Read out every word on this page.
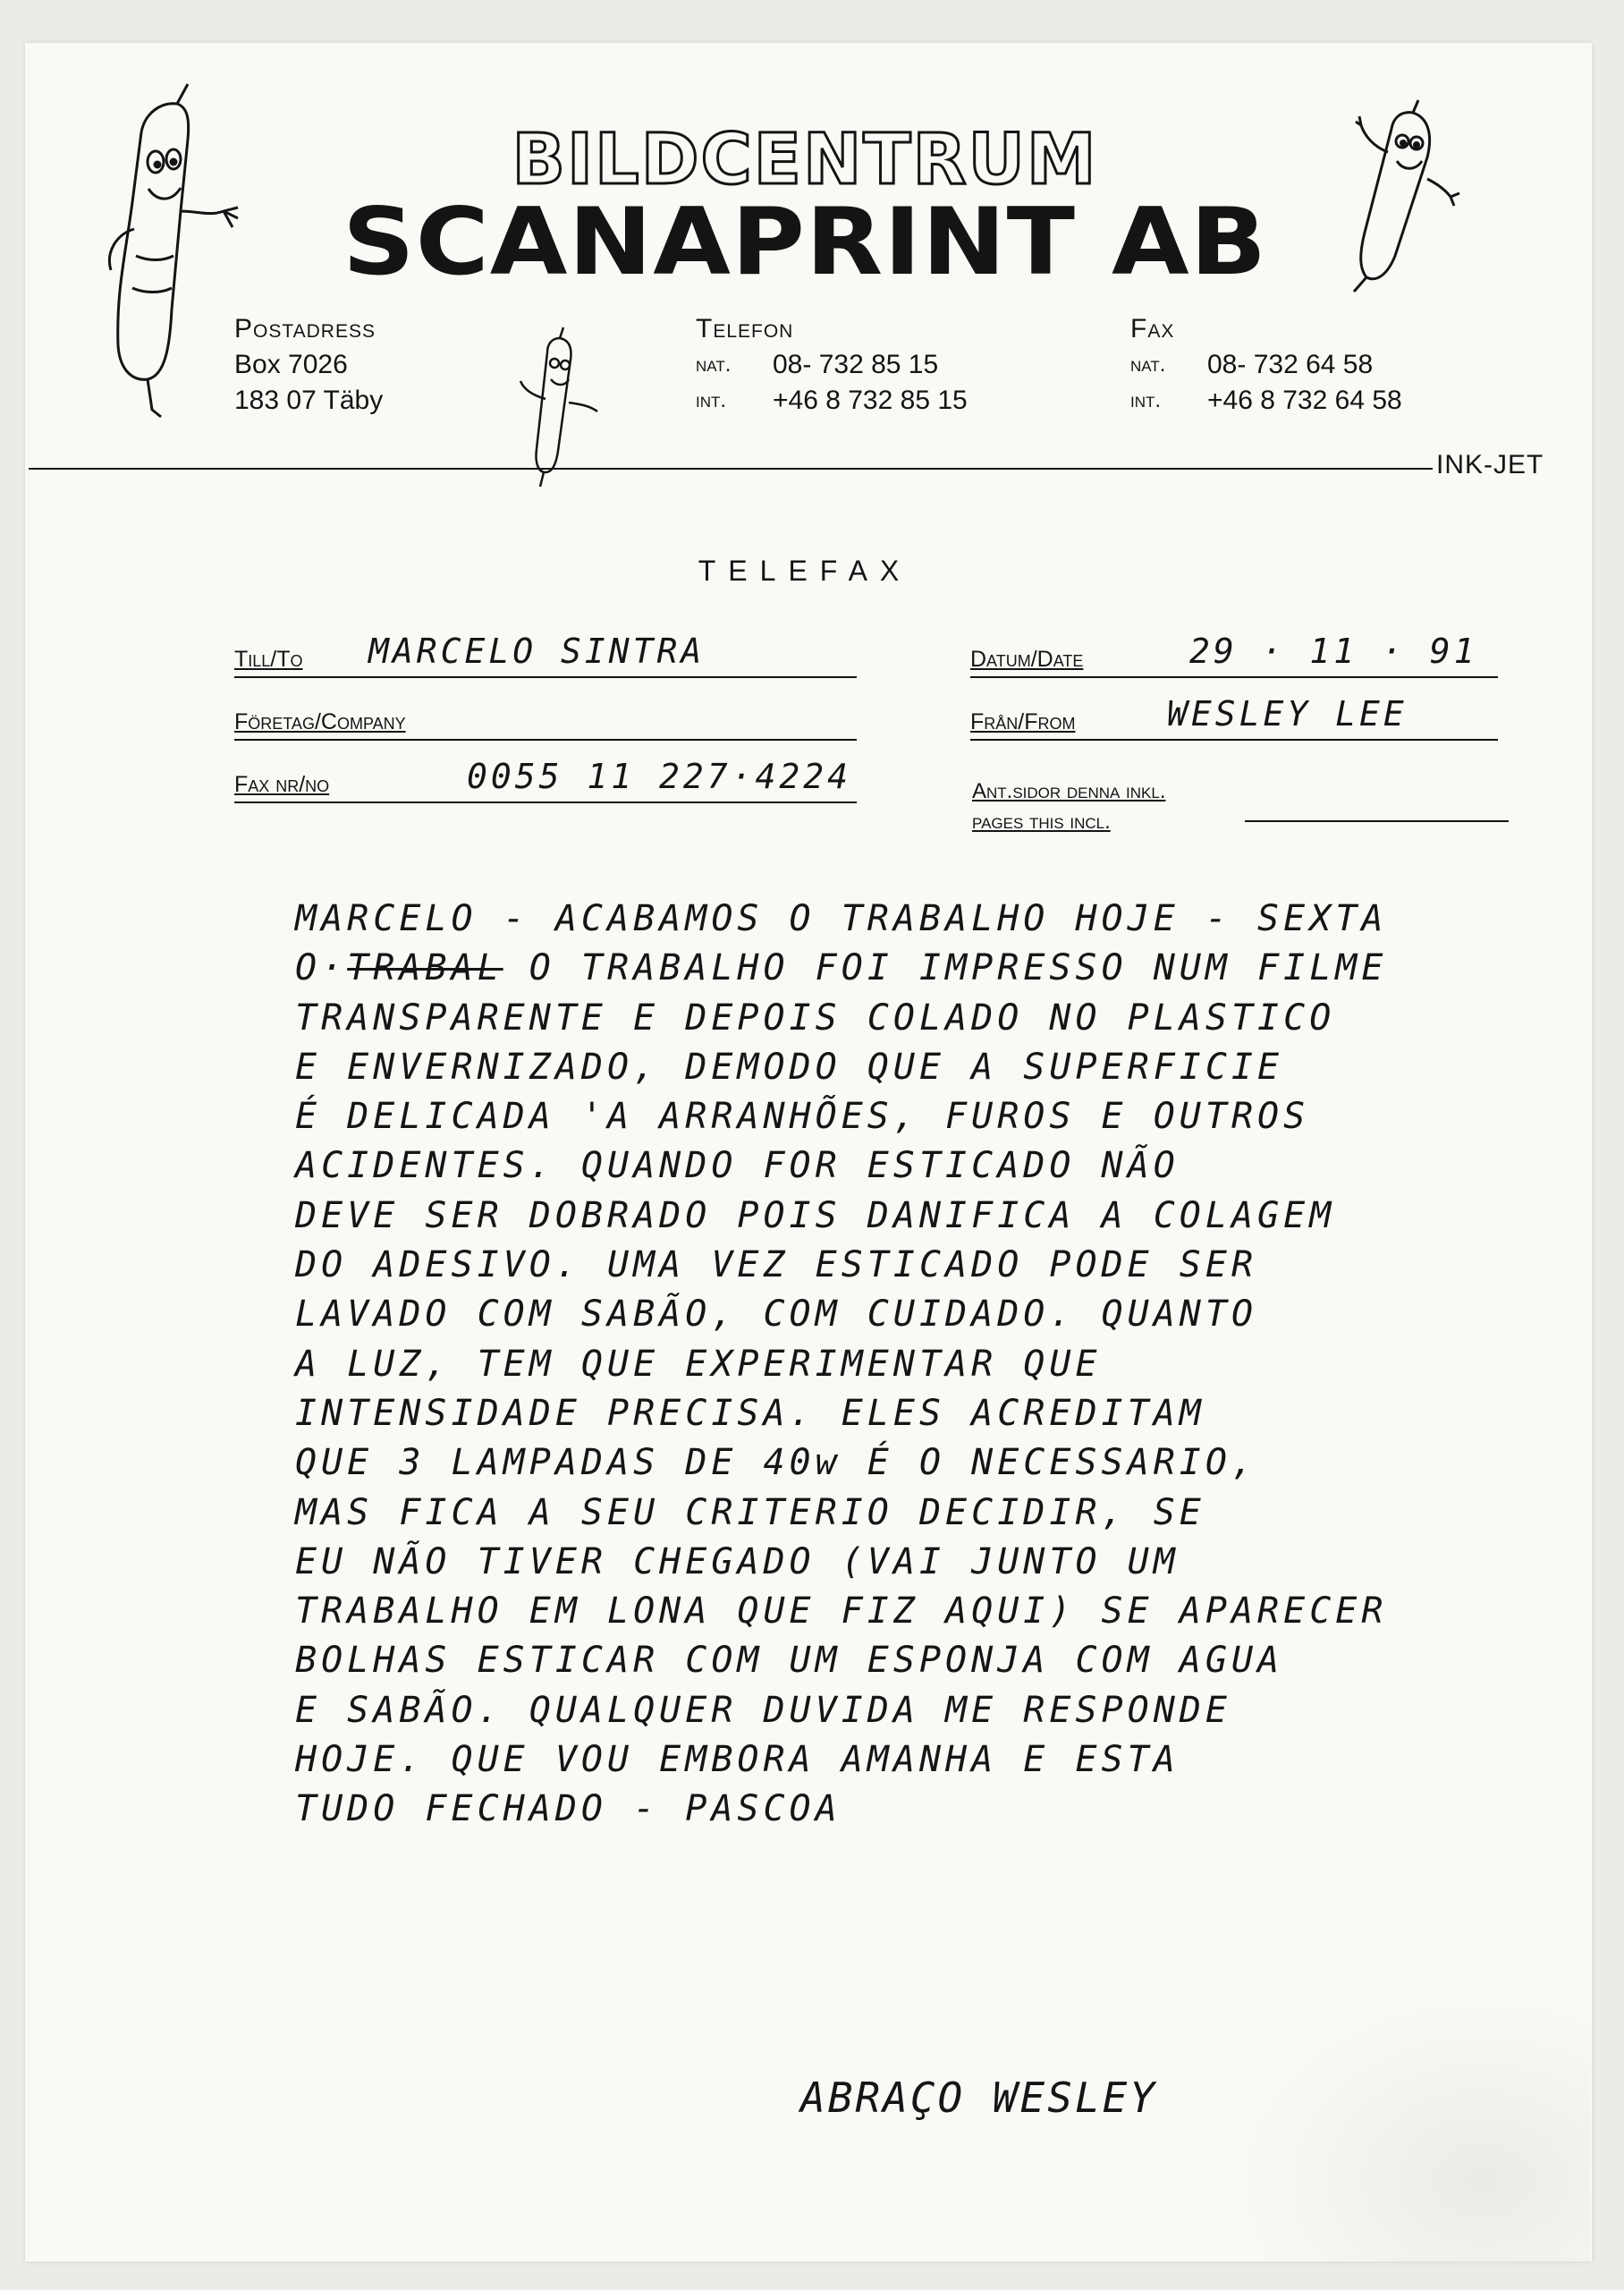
BILDCENTRUM
SCANAPRINT AB
Postadress
Box 7026
183 07 Täby
Telefon
nat.	08- 732 85 15
int.	+46 8 732 85 15
Fax
nat.	08- 732 64 58
int.	+46 8 732 64 58
INK-JET
TELEFAX
Till/To MARCELO SINTRA	Datum/Date	29 · 11 · 91
Företag/Company	Från/From	WESLEY LEE
Fax nr/no	0055 11 227·4224	Ant.sidor denna inkl.
pages this incl.
MARCELO - ACABAMOS O TRABALHO HOJE - SEXTA
O·TRABAL O TRABALHO FOI IMPRESSO NUM FILME
TRANSPARENTE E DEPOIS COLADO NO PLASTICO
E ENVERNIZADO, DEMODO QUE A SUPERFICIE
É DELICADA 'A ARRANHÕES, FUROS E OUTROS
ACIDENTES. QUANDO FOR ESTICADO NÃO
DEVE SER DOBRADO POIS DANIFICA A COLAGEM
DO ADESIVO. UMA VEZ ESTICADO PODE SER
LAVADO COM SABÃO, COM CUIDADO. QUANTO
A LUZ, TEM QUE EXPERIMENTAR QUE
INTENSIDADE PRECISA. ELES ACREDITAM
QUE 3 LAMPADAS DE 40w É O NECESSARIO,
MAS FICA A SEU CRITERIO DECIDIR, SE
EU NÃO TIVER CHEGADO (VAI JUNTO UM
TRABALHO EM LONA QUE FIZ AQUI) SE APARECER
BOLHAS ESTICAR COM UM ESPONJA COM AGUA
E SABÃO. QUALQUER DUVIDA ME RESPONDE
HOJE. QUE VOU EMBORA AMANHA E ESTA
TUDO FECHADO - PASCOA
ABRAÇO WESLEY
